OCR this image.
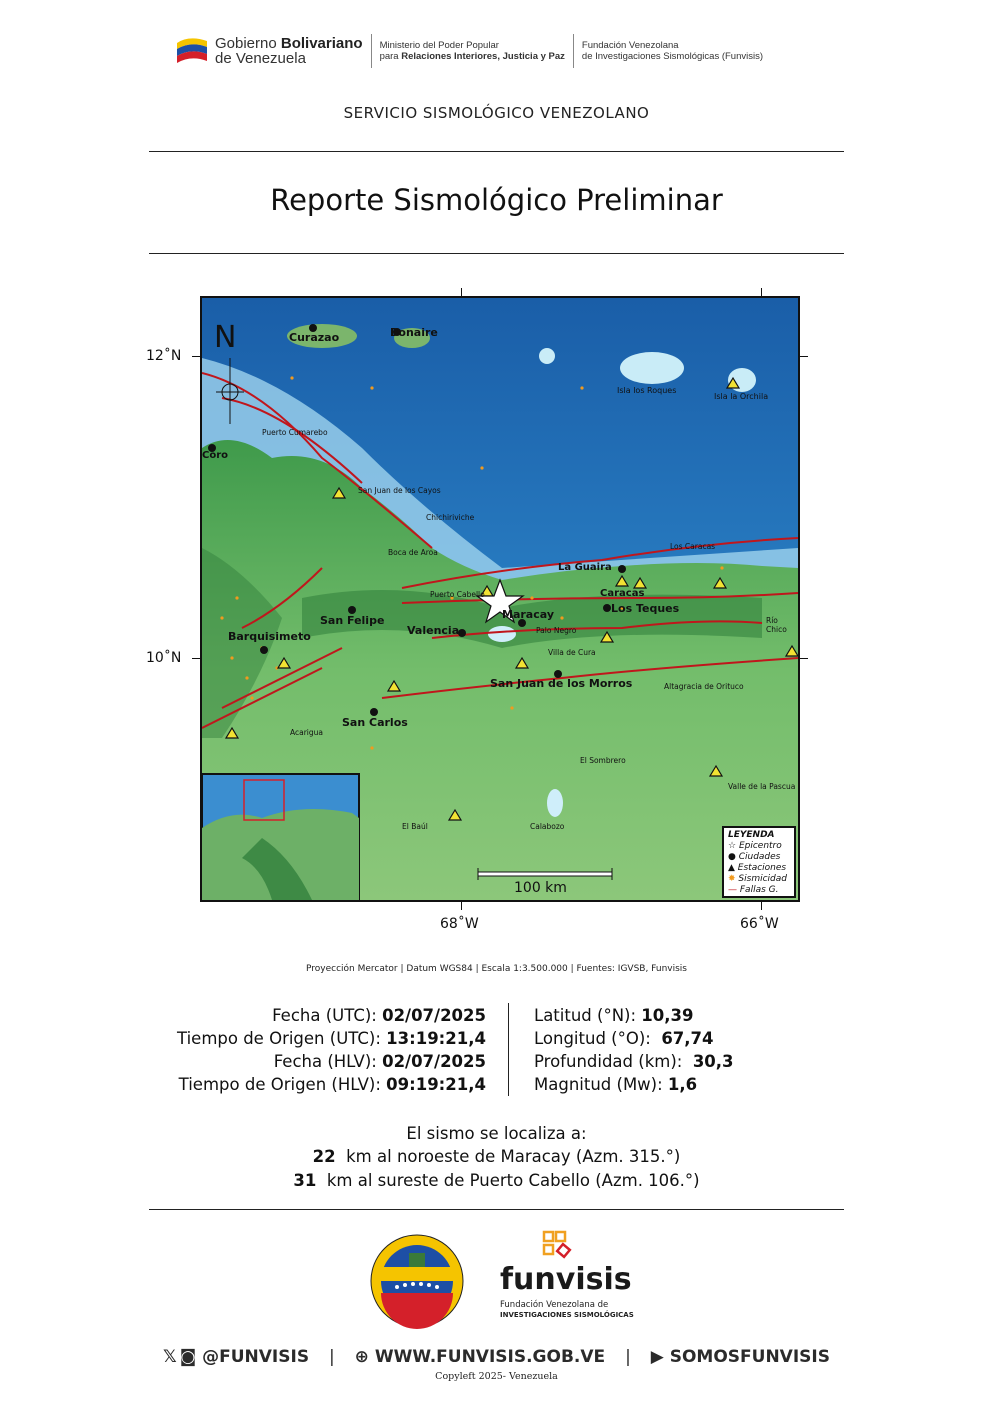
Gobierno Bolivariano
de Venezuela
Ministerio del Poder Popular
para Relaciones Interiores, Justicia y Paz
Fundación Venezolana
de Investigaciones Sismológicas (Funvisis)
SERVICIO SISMOLÓGICO VENEZOLANO
Reporte Sismológico Preliminar
N	Curazao	Bonaire
Isla los Roques
Isla la Orchila
Coro
San Felipe
Barquisimeto	Valencia
Maracay
La Guaira
Caracas
Los Teques
San Juan de los Morros
San Carlos
San Juan de los Cayos
Chichiriviche
Boca de Aroa
Puerto Cabello
Puerto Cumarebo
Los Caracas
Río Chico
Palo Negro
Villa de Cura
Altagracia de Orituco
Acarigua
El Sombrero
Valle de la Pascua
El Baúl	Calabozo
100 km
LEYENDA
☆ Epicentro
● Ciudades
▲ Estaciones
✸ Sismicidad
— Fallas G.
12˚N
10˚N
68˚W	66˚W
Proyección Mercator | Datum WGS84 | Escala 1:3.500.000 | Fuentes: IGVSB, Funvisis
Fecha (UTC): 02/07/2025
Tiempo de Origen (UTC): 13:19:21,4
Fecha (HLV): 02/07/2025
Tiempo de Origen (HLV): 09:19:21,4
Latitud (°N): 10,39
Longitud (°O):  67,74
Profundidad (km):  30,3
Magnitud (Mw): 1,6
El sismo se localiza a:
22  km al noroeste de Maracay (Azm. 315.°)
31  km al sureste de Puerto Cabello (Azm. 106.°)
funvisis
Fundación Venezolana de
INVESTIGACIONES SISMOLÓGICAS
𝕏 ◙ @FUNVISIS | ⊕ WWW.FUNVISIS.GOB.VE | ▶ SOMOSFUNVISIS
Copyleft 2025- Venezuela
